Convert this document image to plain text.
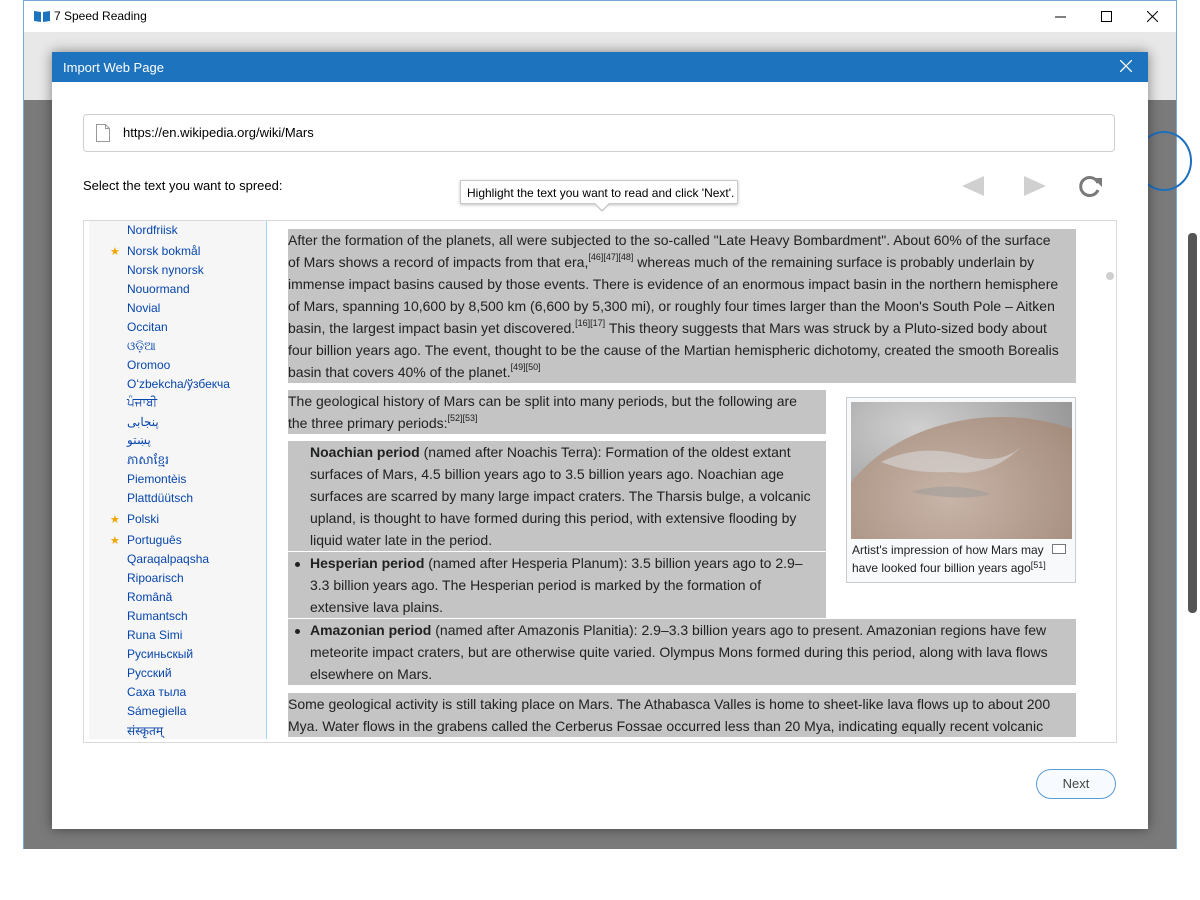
7 Speed Reading
Import Web Page
https://en.wikipedia.org/wiki/Mars
Select the text you want to spreed:	Highlight the text you want to read and click 'Next'.
Nordfriisk
★ Norsk bokmål
Norsk nynorsk
Nouormand
Novial
Occitan
ଓଡ଼ିଆ
Oromoo
Oʻzbekcha/ўзбекча
ਪੰਜਾਬੀ
پنجابی
پښتو
ភាសាខ្មែរ
Piemontèis
Plattdüütsch
★ Polski
★ Português
Qaraqalpaqsha
Ripoarisch
Română
Rumantsch
Runa Simi
Русиньскый
Русский
Саха тыла
Sámegiella
संस्कृतम्
After the formation of the planets, all were subjected to the so-called "Late Heavy Bombardment". About 60% of the surface
of Mars shows a record of impacts from that era,[46][47][48] whereas much of the remaining surface is probably underlain by
immense impact basins caused by those events. There is evidence of an enormous impact basin in the northern hemisphere
of Mars, spanning 10,600 by 8,500 km (6,600 by 5,300 mi), or roughly four times larger than the Moon's South Pole – Aitken
basin, the largest impact basin yet discovered.[16][17] This theory suggests that Mars was struck by a Pluto-sized body about
four billion years ago. The event, thought to be the cause of the Martian hemispheric dichotomy, created the smooth Borealis
basin that covers 40% of the planet.[49][50]
The geological history of Mars can be split into many periods, but the following are
the three primary periods:[52][53]
Noachian period (named after Noachis Terra): Formation of the oldest extant
surfaces of Mars, 4.5 billion years ago to 3.5 billion years ago. Noachian age
surfaces are scarred by many large impact craters. The Tharsis bulge, a volcanic
upland, is thought to have formed during this period, with extensive flooding by
liquid water late in the period.
Hesperian period (named after Hesperia Planum): 3.5 billion years ago to 2.9–
3.3 billion years ago. The Hesperian period is marked by the formation of
extensive lava plains.
Amazonian period (named after Amazonis Planitia): 2.9–3.3 billion years ago to present. Amazonian regions have few
meteorite impact craters, but are otherwise quite varied. Olympus Mons formed during this period, along with lava flows
elsewhere on Mars.
Some geological activity is still taking place on Mars. The Athabasca Valles is home to sheet-like lava flows up to about 200
Mya. Water flows in the grabens called the Cerberus Fossae occurred less than 20 Mya, indicating equally recent volcanic
Artist's impression of how Mars may
have looked four billion years ago[51]
Next
